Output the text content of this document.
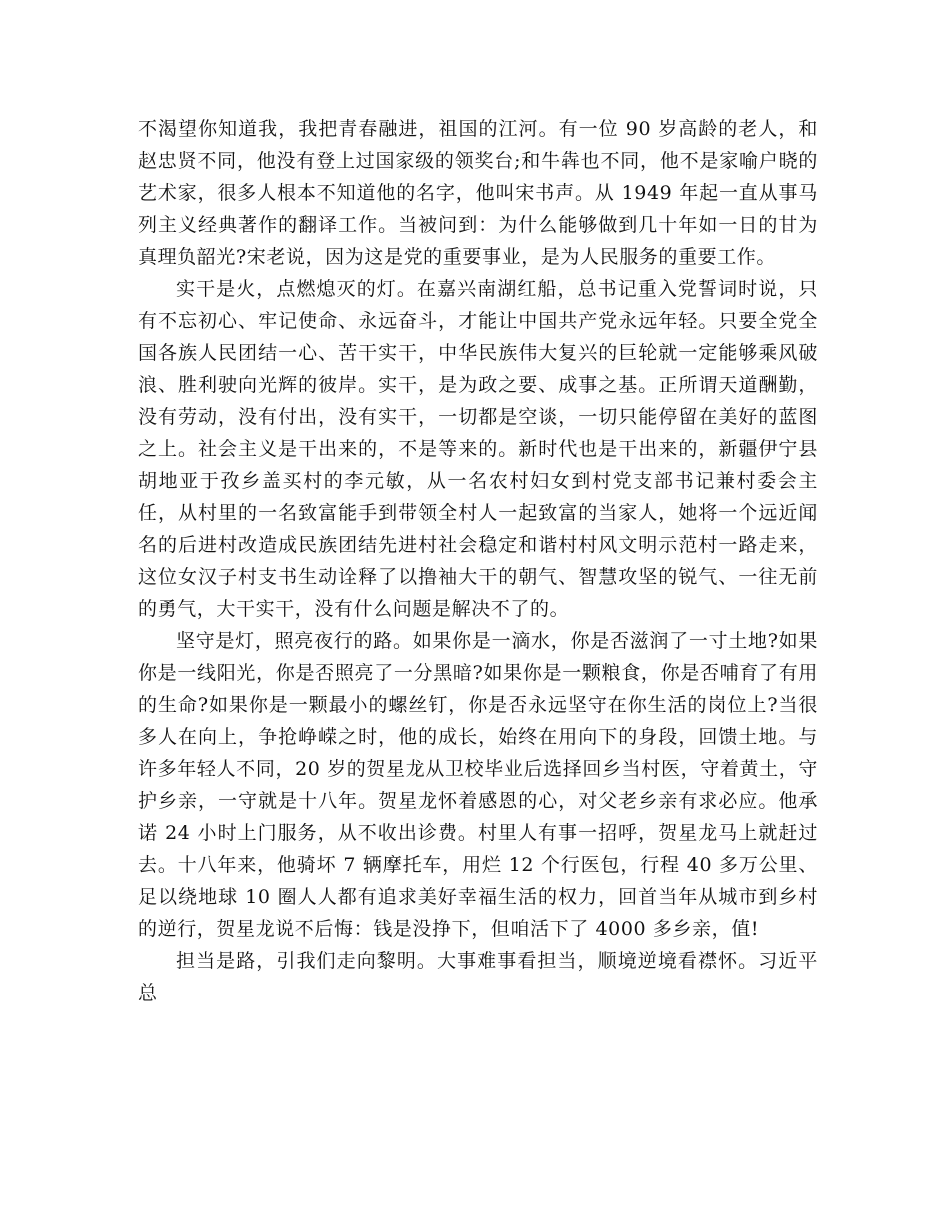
不渴望你知道我，我把青春融进，祖国的江河。有一位 90 岁高龄的老人，和赵忠贤不同，他没有登上过国家级的领奖台;和牛犇也不同，他不是家喻户晓的艺术家，很多人根本不知道他的名字，他叫宋书声。从 1949 年起一直从事马列主义经典著作的翻译工作。当被问到：为什么能够做到几十年如一日的甘为真理负韶光?宋老说，因为这是党的重要事业，是为人民服务的重要工作。

实干是火，点燃熄灭的灯。在嘉兴南湖红船，总书记重入党誓词时说，只有不忘初心、牢记使命、永远奋斗，才能让中国共产党永远年轻。只要全党全国各族人民团结一心、苦干实干，中华民族伟大复兴的巨轮就一定能够乘风破浪、胜利驶向光辉的彼岸。实干，是为政之要、成事之基。正所谓天道酬勤，没有劳动，没有付出，没有实干，一切都是空谈，一切只能停留在美好的蓝图之上。社会主义是干出来的，不是等来的。新时代也是干出来的，新疆伊宁县胡地亚于孜乡盖买村的李元敏，从一名农村妇女到村党支部书记兼村委会主任，从村里的一名致富能手到带领全村人一起致富的当家人，她将一个远近闻名的后进村改造成民族团结先进村社会稳定和谐村村风文明示范村一路走来，这位女汉子村支书生动诠释了以撸袖大干的朝气、智慧攻坚的锐气、一往无前的勇气，大干实干，没有什么问题是解决不了的。

坚守是灯，照亮夜行的路。如果你是一滴水，你是否滋润了一寸土地?如果你是一线阳光，你是否照亮了一分黑暗?如果你是一颗粮食，你是否哺育了有用的生命?如果你是一颗最小的螺丝钉，你是否永远坚守在你生活的岗位上?当很多人在向上，争抢峥嵘之时，他的成长，始终在用向下的身段，回馈土地。与许多年轻人不同，20 岁的贺星龙从卫校毕业后选择回乡当村医，守着黄土，守护乡亲，一守就是十八年。贺星龙怀着感恩的心，对父老乡亲有求必应。他承诺 24 小时上门服务，从不收出诊费。村里人有事一招呼，贺星龙马上就赶过去。十八年来，他骑坏 7 辆摩托车，用烂 12 个行医包，行程 40 多万公里、足以绕地球 10 圈人人都有追求美好幸福生活的权力，回首当年从城市到乡村的逆行，贺星龙说不后悔：钱是没挣下，但咱活下了 4000 多乡亲，值!

担当是路，引我们走向黎明。大事难事看担当，顺境逆境看襟怀。习近平总
